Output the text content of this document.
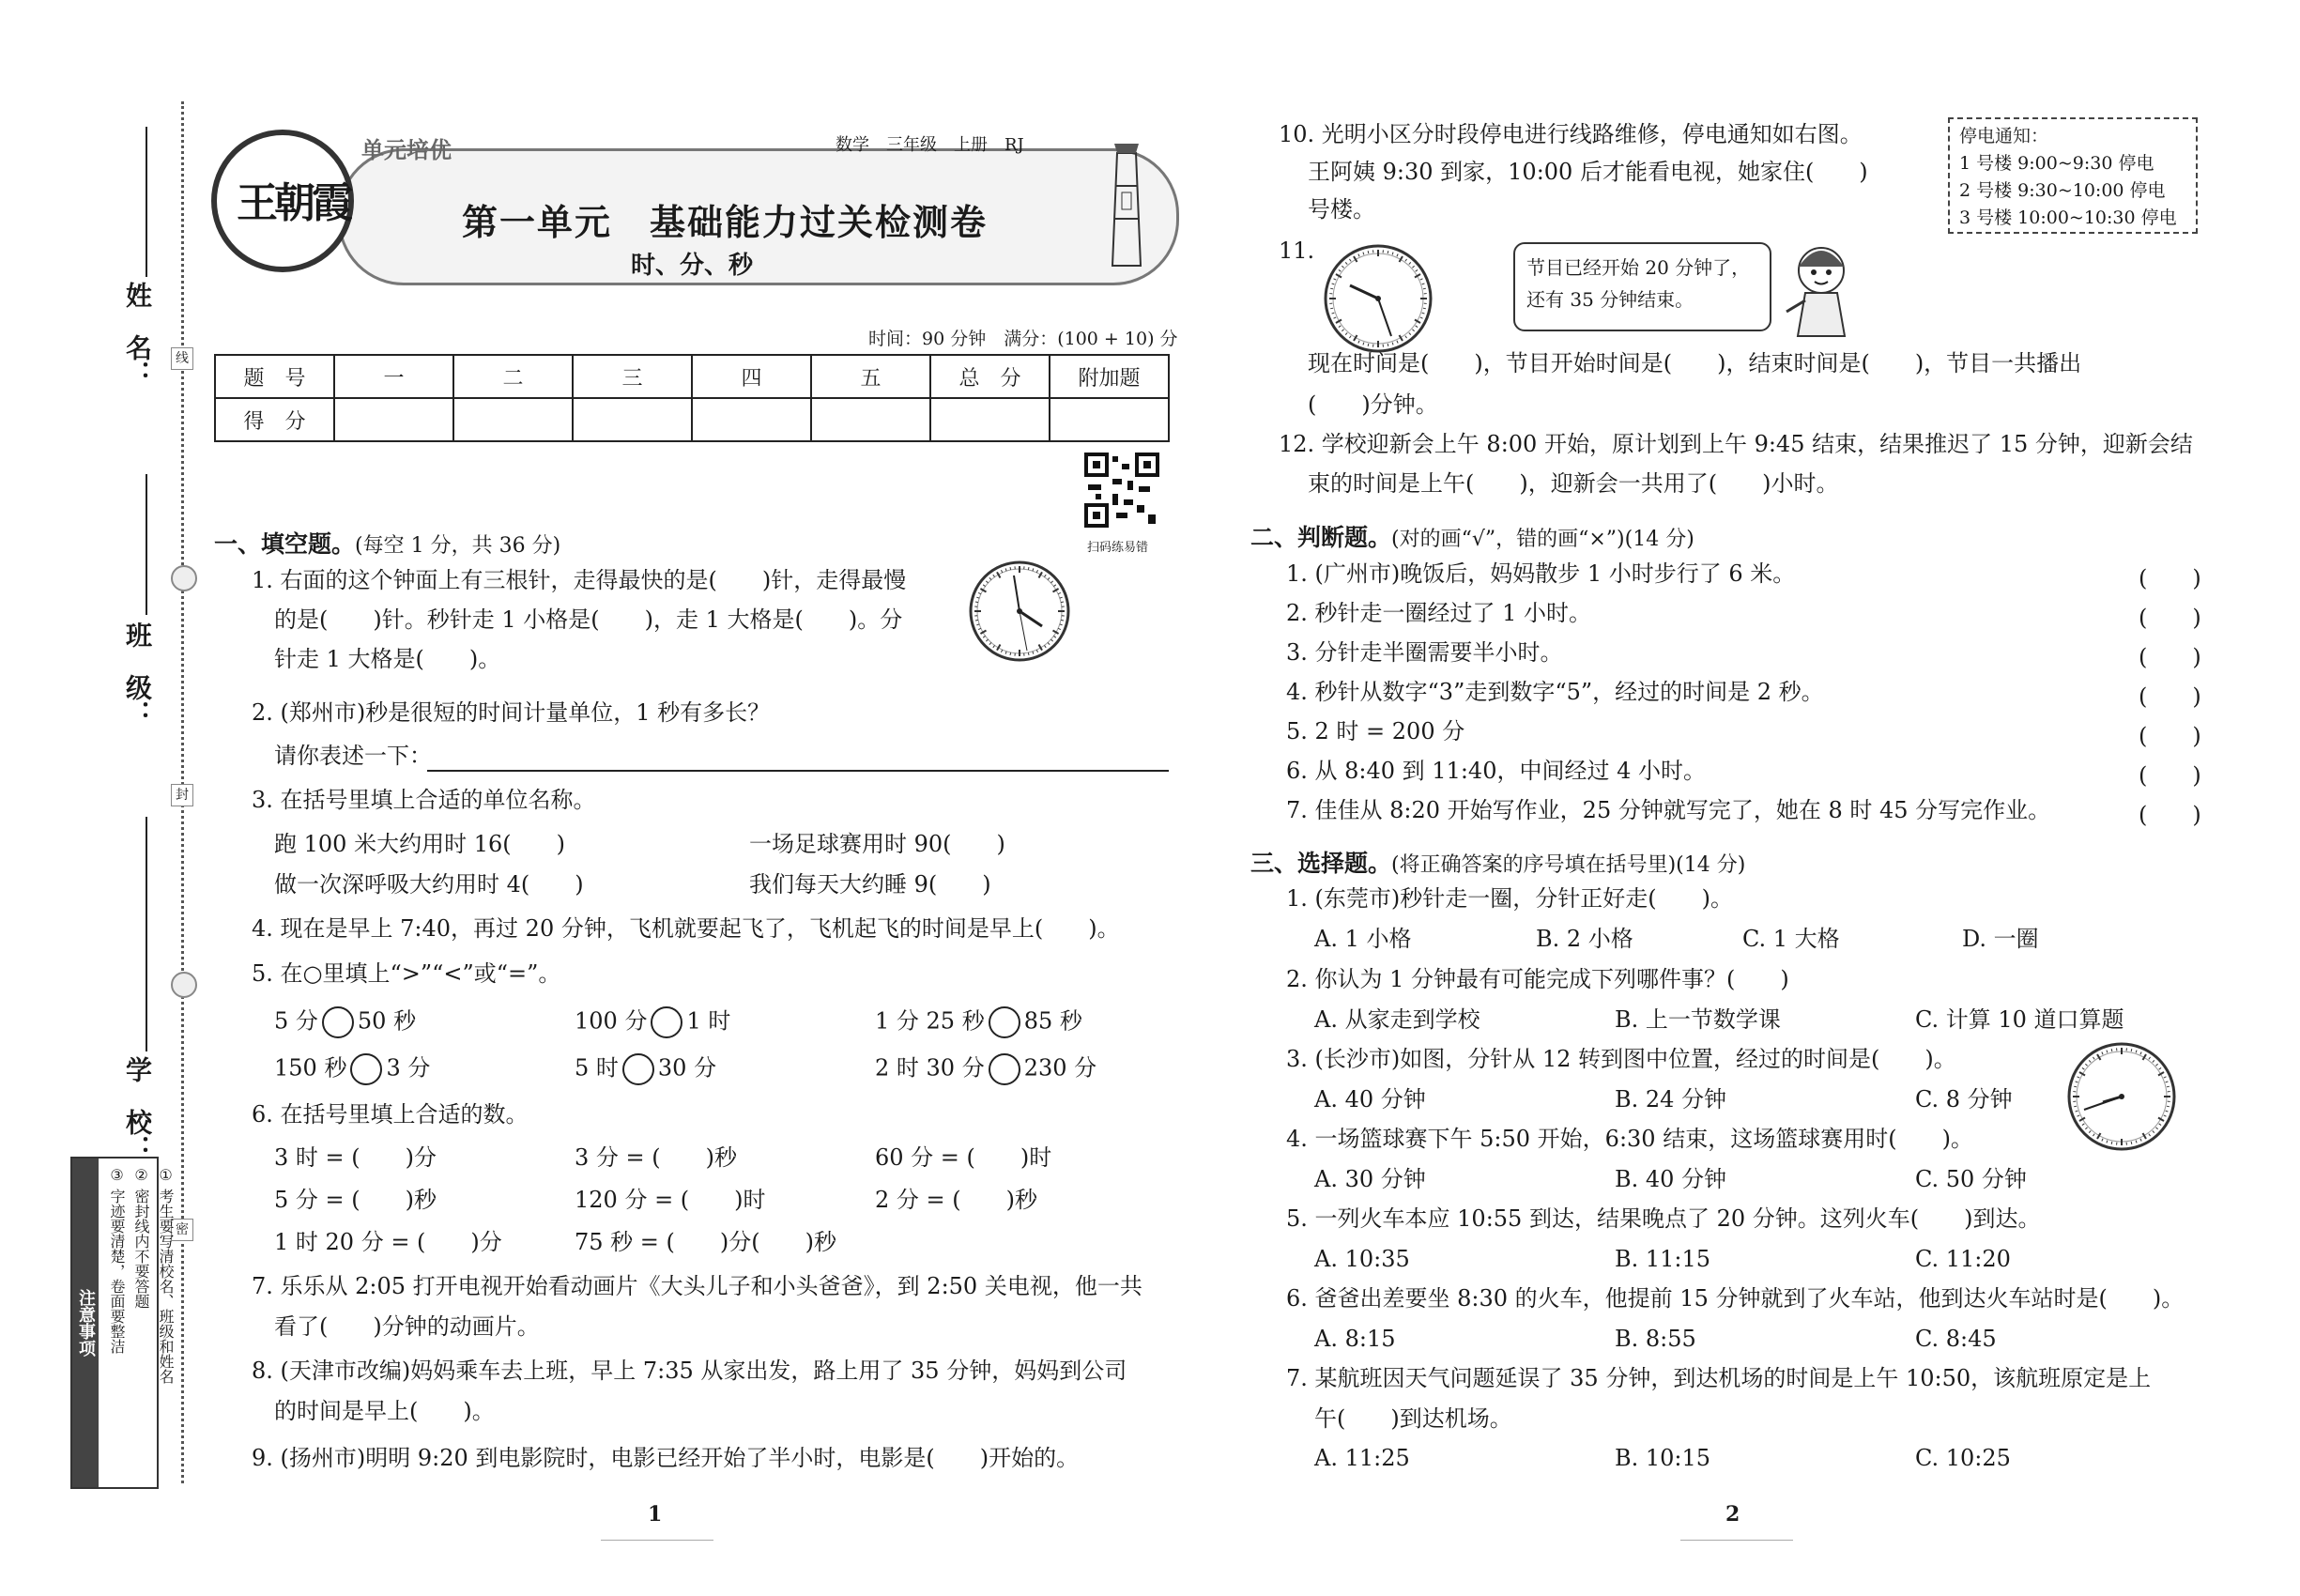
姓　名：
班　级：
学　校：
线
封
密
注意事项	① 考生要写清校名、班级和姓名
② 密封线内不要答题
③ 字迹要清楚，卷面要整洁
王朝霞
单元培优	数学　三年级　上册　RJ
第一单元　基础能力过关检测卷
时、分、秒
时间：90 分钟　满分：(100 + 10) 分
题　号	一	二	三	四	五	总　分	附加题
得　分							
扫码练易错
一、填空题。(每空 1 分，共 36 分)
1. 右面的这个钟面上有三根针，走得最快的是(　　)针，走得最慢
的是(　　)针。秒针走 1 小格是(　　)，走 1 大格是(　　)。分
针走 1 大格是(　　)。
2. (郑州市)秒是很短的时间计量单位，1 秒有多长？
请你表述一下：
3. 在括号里填上合适的单位名称。
跑 100 米大约用时 16(　　)	一场足球赛用时 90(　　)
做一次深呼吸大约用时 4(　　)	我们每天大约睡 9(　　)
4. 现在是早上 7:40，再过 20 分钟，飞机就要起飞了，飞机起飞的时间是早上(　　)。
5. 在○里填上“>”“<”或“=”。
5 分 50 秒	100 分 1 时	1 分 25 秒 85 秒
150 秒 3 分	5 时 30 分	2 时 30 分 230 分
6. 在括号里填上合适的数。
3 时 = (　　)分	3 分 = (　　)秒	60 分 = (　　)时
5 分 = (　　)秒	120 分 = (　　)时	2 分 = (　　)秒
1 时 20 分 = (　　)分	75 秒 = (　　)分(　　)秒
7. 乐乐从 2:05 打开电视开始看动画片《大头儿子和小头爸爸》，到 2:50 关电视，他一共
看了(　　)分钟的动画片。
8. (天津市改编)妈妈乘车去上班，早上 7:35 从家出发，路上用了 35 分钟，妈妈到公司
的时间是早上(　　)。
9. (扬州市)明明 9:20 到电影院时，电影已经开始了半小时，电影是(　　)开始的。
1
10. 光明小区分时段停电进行线路维修，停电通知如右图。
王阿姨 9:30 到家，10:00 后才能看电视，她家住(　　)
号楼。
停电通知：
1 号楼 9:00~9:30 停电
2 号楼 9:30~10:00 停电
3 号楼 10:00~10:30 停电
11.
节目已经开始 20 分钟了，
还有 35 分钟结束。
现在时间是(　　)，节目开始时间是(　　)，结束时间是(　　)，节目一共播出
(　　)分钟。
12. 学校迎新会上午 8:00 开始，原计划到上午 9:45 结束，结果推迟了 15 分钟，迎新会结
束的时间是上午(　　)，迎新会一共用了(　　)小时。
二、判断题。(对的画“√”，错的画“×”)(14 分)
1. (广州市)晚饭后，妈妈散步 1 小时步行了 6 米。
2. 秒针走一圈经过了 1 小时。
3. 分针走半圈需要半小时。
4. 秒针从数字“3”走到数字“5”，经过的时间是 2 秒。
5. 2 时 = 200 分
6. 从 8:40 到 11:40，中间经过 4 小时。
7. 佳佳从 8:20 开始写作业，25 分钟就写完了，她在 8 时 45 分写完作业。
(　　)
(　　)
(　　)
(　　)
(　　)
(　　)
(　　)
三、选择题。(将正确答案的序号填在括号里)(14 分)
1. (东莞市)秒针走一圈，分针正好走(　　)。
A. 1 小格	B. 2 小格	C. 1 大格	D. 一圈
2. 你认为 1 分钟最有可能完成下列哪件事？(　　)
A. 从家走到学校	B. 上一节数学课	C. 计算 10 道口算题
3. (长沙市)如图，分针从 12 转到图中位置，经过的时间是(　　)。
A. 40 分钟	B. 24 分钟	C. 8 分钟
4. 一场篮球赛下午 5:50 开始，6:30 结束，这场篮球赛用时(　　)。
A. 30 分钟	B. 40 分钟	C. 50 分钟
5. 一列火车本应 10:55 到达，结果晚点了 20 分钟。这列火车(　　)到达。
A. 10:35	B. 11:15	C. 11:20
6. 爸爸出差要坐 8:30 的火车，他提前 15 分钟就到了火车站，他到达火车站时是(　　)。
A. 8:15	B. 8:55	C. 8:45
7. 某航班因天气问题延误了 35 分钟，到达机场的时间是上午 10:50，该航班原定是上
午(　　)到达机场。
A. 11:25	B. 10:15	C. 10:25
2
